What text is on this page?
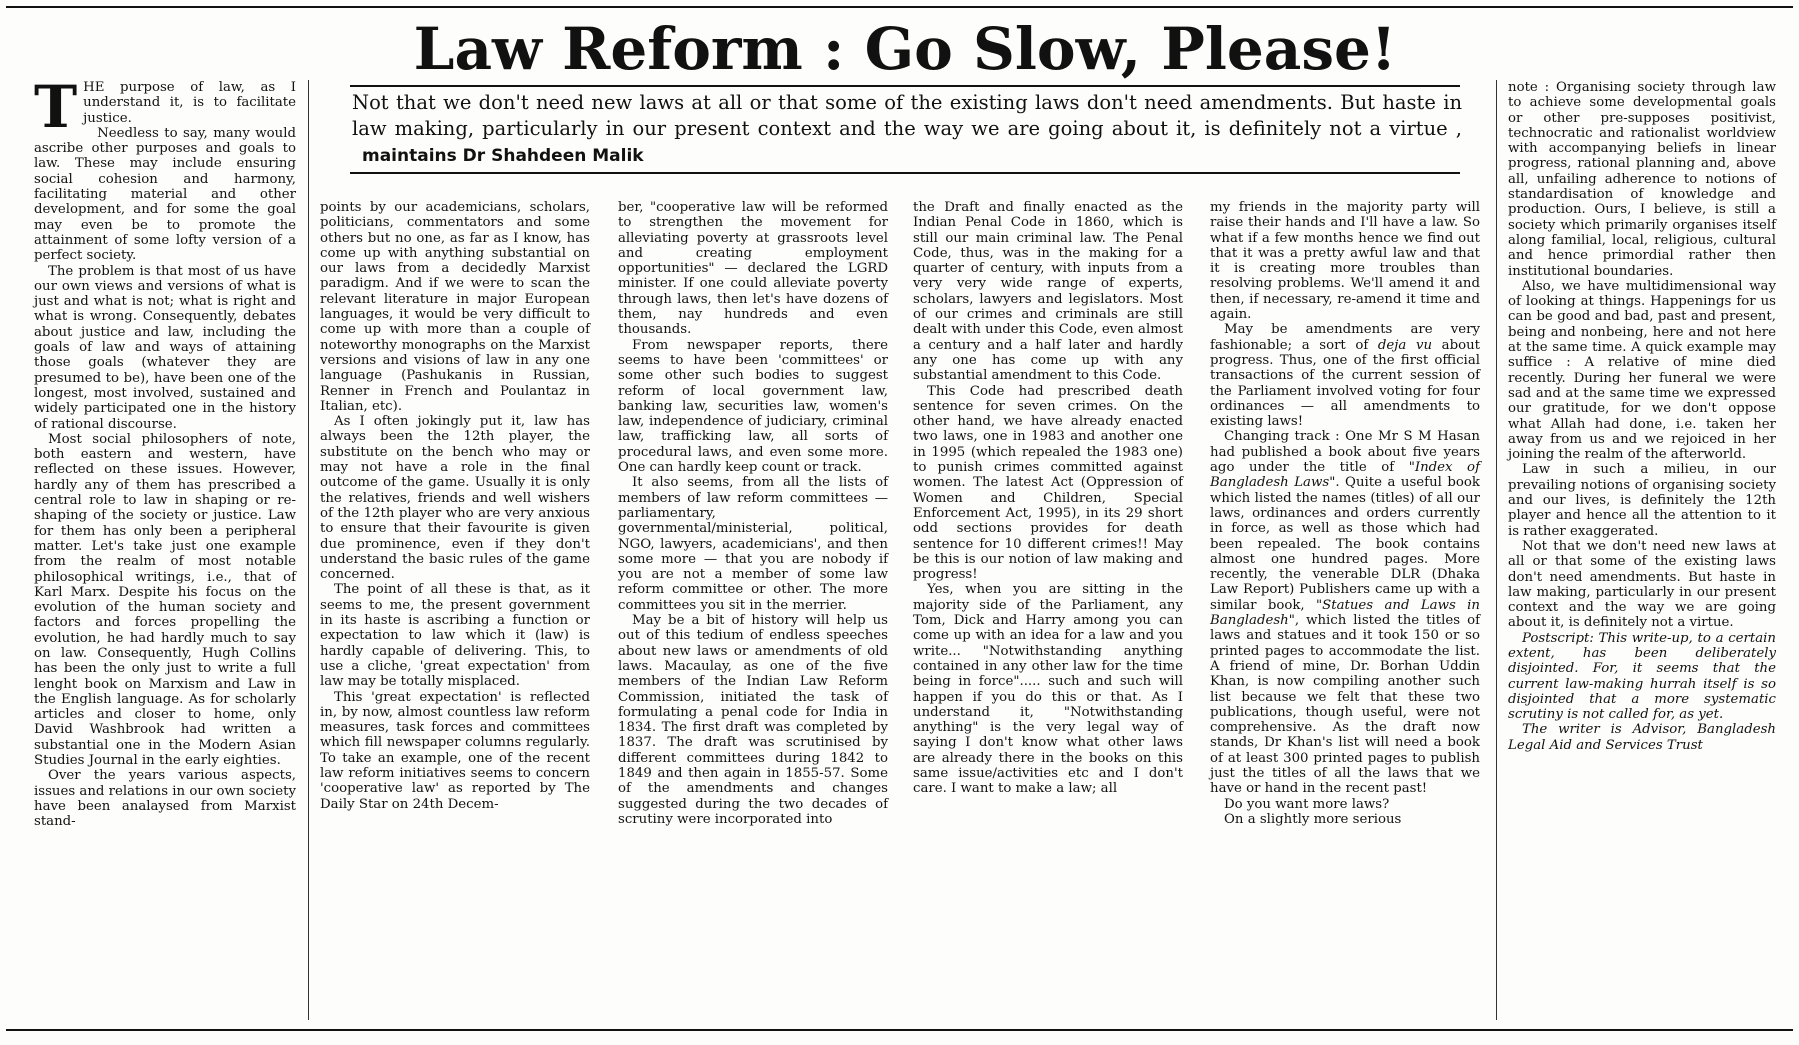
Law Reform : Go Slow, Please!
Not that we don't need new laws at all or that some of the existing laws don't need amendments. But haste in law making, particularly in our present context and the way we are going about it, is definitely not a virtue , maintains Dr Shahdeen Malik

THE purpose of law, as I understand it, is to facilitate justice.

Needless to say, many would ascribe other purposes and goals to law. These may include ensuring social cohesion and harmony, facilitating material and other development, and for some the goal may even be to promote the attainment of some lofty version of a perfect society.

The problem is that most of us have our own views and versions of what is just and what is not; what is right and what is wrong. Consequently, debates about justice and law, including the goals of law and ways of attaining those goals (whatever they are presumed to be), have been one of the longest, most involved, sustained and widely participated one in the history of rational discourse.

Most social philosophers of note, both eastern and western, have reflected on these issues. However, hardly any of them has prescribed a central role to law in shaping or re-shaping of the society or justice. Law for them has only been a peripheral matter. Let's take just one example from the realm of most notable philosophical writings, i.e., that of Karl Marx. Despite his focus on the evolution of the human society and factors and forces propelling the evolution, he had hardly much to say on law. Consequently, Hugh Collins has been the only just to write a full lenght book on Marxism and Law in the English language. As for scholarly articles and closer to home, only David Washbrook had written a substantial one in the Modern Asian Studies Journal in the early eighties.

Over the years various aspects, issues and relations in our own society have been analaysed from Marxist stand-

points by our academicians, scholars, politicians, commentators and some others but no one, as far as I know, has come up with anything substantial on our laws from a decidedly Marxist paradigm. And if we were to scan the relevant literature in major European languages, it would be very difficult to come up with more than a couple of noteworthy monographs on the Marxist versions and visions of law in any one language (Pashukanis in Russian, Renner in French and Poulantaz in Italian, etc).

As I often jokingly put it, law has always been the 12th player, the substitute on the bench who may or may not have a role in the final outcome of the game. Usually it is only the relatives, friends and well wishers of the 12th player who are very anxious to ensure that their favourite is given due prominence, even if they don't understand the basic rules of the game concerned.

The point of all these is that, as it seems to me, the present government in its haste is ascribing a function or expectation to law which it (law) is hardly capable of delivering. This, to use a cliche, 'great expectation' from law may be totally misplaced.

This 'great expectation' is reflected in, by now, almost countless law reform measures, task forces and committees which fill newspaper columns regularly. To take an example, one of the recent law reform initiatives seems to concern 'cooperative law' as reported by The Daily Star on 24th Decem-

ber, "cooperative law will be reformed to strengthen the movement for alleviating poverty at grassroots level and creating employment opportunities" — declared the LGRD minister. If one could alleviate poverty through laws, then let's have dozens of them, nay hundreds and even thousands.

From newspaper reports, there seems to have been 'committees' or some other such bodies to suggest reform of local government law, banking law, securities law, women's law, independence of judiciary, criminal law, trafficking law, all sorts of procedural laws, and even some more. One can hardly keep count or track.

It also seems, from all the lists of members of law reform committees — parliamentary, governmental/ministerial, political, NGO, lawyers, academicians', and then some more — that you are nobody if you are not a member of some law reform committee or other. The more committees you sit in the merrier.

May be a bit of history will help us out of this tedium of endless speeches about new laws or amendments of old laws. Macaulay, as one of the five members of the Indian Law Reform Commission, initiated the task of formulating a penal code for India in 1834. The first draft was completed by 1837. The draft was scrutinised by different committees during 1842 to 1849 and then again in 1855-57. Some of the amendments and changes suggested during the two decades of scrutiny were incorporated into

the Draft and finally enacted as the Indian Penal Code in 1860, which is still our main criminal law. The Penal Code, thus, was in the making for a quarter of century, with inputs from a very very wide range of experts, scholars, lawyers and legislators. Most of our crimes and criminals are still dealt with under this Code, even almost a century and a half later and hardly any one has come up with any substantial amendment to this Code.

This Code had prescribed death sentence for seven crimes. On the other hand, we have already enacted two laws, one in 1983 and another one in 1995 (which repealed the 1983 one) to punish crimes committed against women. The latest Act (Oppression of Women and Children, Special Enforcement Act, 1995), in its 29 short odd sections provides for death sentence for 10 different crimes!! May be this is our notion of law making and progress!

Yes, when you are sitting in the majority side of the Parliament, any Tom, Dick and Harry among you can come up with an idea for a law and you write... "Notwithstanding anything contained in any other law for the time being in force"..... such and such will happen if you do this or that. As I understand it, "Notwithstanding anything" is the very legal way of saying I don't know what other laws are already there in the books on this same issue/activities etc and I don't care. I want to make a law; all

my friends in the majority party will raise their hands and I'll have a law. So what if a few months hence we find out that it was a pretty awful law and that it is creating more troubles than resolving problems. We'll amend it and then, if necessary, re-amend it time and again.

May be amendments are very fashionable; a sort of deja vu about progress. Thus, one of the first official transactions of the current session of the Parliament involved voting for four ordinances — all amendments to existing laws!

Changing track : One Mr S M Hasan had published a book about five years ago under the title of "Index of Bangladesh Laws". Quite a useful book which listed the names (titles) of all our laws, ordinances and orders currently in force, as well as those which had been repealed. The book contains almost one hundred pages. More recently, the venerable DLR (Dhaka Law Report) Publishers came up with a similar book, "Statues and Laws in Bangladesh", which listed the titles of laws and statues and it took 150 or so printed pages to accommodate the list. A friend of mine, Dr. Borhan Uddin Khan, is now compiling another such list because we felt that these two publications, though useful, were not comprehensive. As the draft now stands, Dr Khan's list will need a book of at least 300 printed pages to publish just the titles of all the laws that we have or hand in the recent past!

Do you want more laws?

On a slightly more serious

note : Organising society through law to achieve some developmental goals or other pre-supposes positivist, technocratic and rationalist worldview with accompanying beliefs in linear progress, rational planning and, above all, unfailing adherence to notions of standardisation of knowledge and production. Ours, I believe, is still a society which primarily organises itself along familial, local, religious, cultural and hence primordial rather then institutional boundaries.

Also, we have multidimensional way of looking at things. Happenings for us can be good and bad, past and present, being and nonbeing, here and not here at the same time. A quick example may suffice : A relative of mine died recently. During her funeral we were sad and at the same time we expressed our gratitude, for we don't oppose what Allah had done, i.e. taken her away from us and we rejoiced in her joining the realm of the afterworld.

Law in such a milieu, in our prevailing notions of organising society and our lives, is definitely the 12th player and hence all the attention to it is rather exaggerated.

Not that we don't need new laws at all or that some of the existing laws don't need amendments. But haste in law making, particularly in our present context and the way we are going about it, is definitely not a virtue.

Postscript: This write-up, to a certain extent, has been deliberately disjointed. For, it seems that the current law-making hurrah itself is so disjointed that a more systematic scrutiny is not called for, as yet.

The writer is Advisor, Bangladesh Legal Aid and Services Trust
